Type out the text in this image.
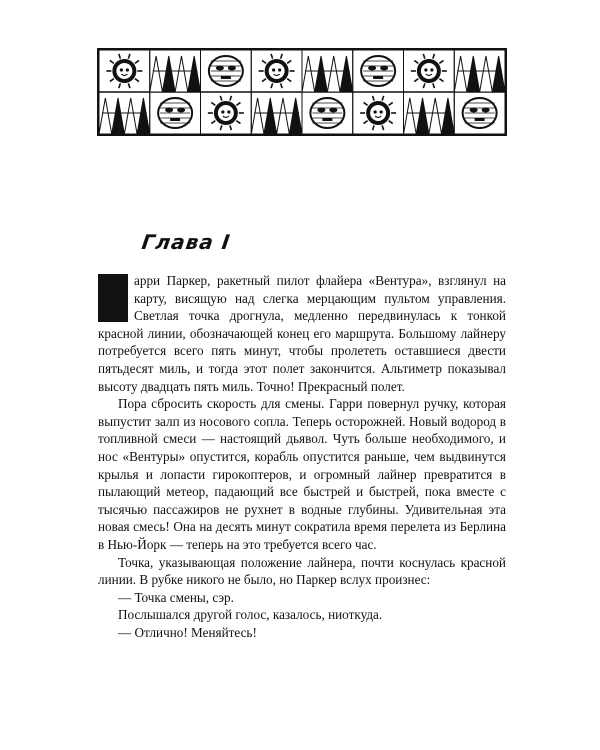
Глава I

арри Паркер, ракетный пилот флайера «Вентура», взглянул на карту, висящую над слегка мерцающим пультом управления. Светлая точка дрогнула, медленно передвинулась к тонкой красной линии, обозначающей конец его маршрута. Большому лайнеру потребуется всего пять минут, чтобы пролететь оставшиеся двести пятьдесят миль, и тогда этот полет закончится. Альтиметр показывал высоту двадцать пять миль. Точно! Прекрасный полет.

Пора сбросить скорость для смены. Гарри повернул ручку, которая выпустит залп из носового сопла. Теперь осторожней. Новый водород в топливной смеси — настоящий дьявол. Чуть больше необходимого, и нос «Вентуры» опустится, корабль опустится раньше, чем выдвинутся крылья и лопасти гирокоптеров, и огромный лайнер превратится в пылающий метеор, падающий все быстрей и быстрей, пока вместе с тысячью пассажиров не рухнет в водные глубины. Удивительная эта новая смесь! Она на десять минут сократила время перелета из Берлина в Нью-Йорк — теперь на это требуется всего час.

Точка, указывающая положение лайнера, почти коснулась красной линии. В рубке никого не было, но Паркер вслух произнес:

— Точка смены, сэр.

Послышался другой голос, казалось, ниоткуда.

— Отлично! Меняйтесь!
